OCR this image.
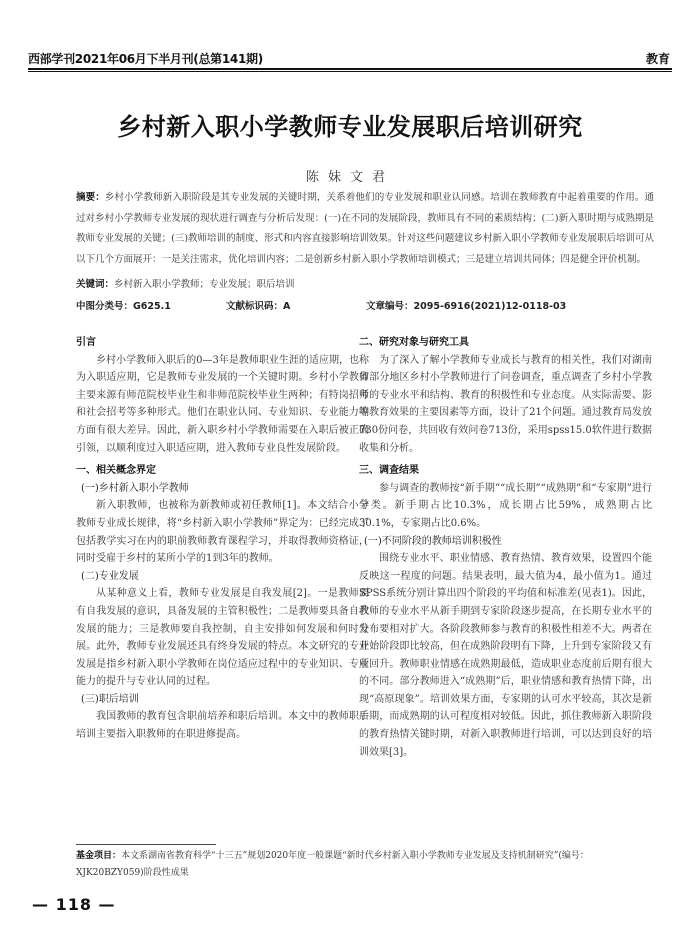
西部学刊2021年06月下半月刊(总第141期)	教育
乡村新入职小学教师专业发展职后培训研究
陈妹文君
摘要：乡村小学教师新入职阶段是其专业发展的关键时期，关系着他们的专业发展和职业认同感。培训在教师教育中起着重要的作用。通过对乡村小学教师专业发展的现状进行调查与分析后发现：(一)在不同的发展阶段，教师具有不同的素质结构；(二)新入职时期与成熟期是教师专业发展的关键；(三)教师培训的制度、形式和内容直接影响培训效果。针对这些问题建议乡村新入职小学教师专业发展职后培训可从以下几个方面展开：一是关注需求，优化培训内容；二是创新乡村新入职小学教师培训模式；三是建立培训共同体；四是健全评价机制。
关键词：乡村新入职小学教师；专业发展；职后培训
中图分类号：G625.1	文献标识码：A	文章编号：2095-6916(2021)12-0118-03

引言

乡村小学教师入职后的0—3年是教师职业生涯的适应期，也称为入职适应期，它是教师专业发展的一个关键时期。乡村小学教师主要来源有师范院校毕业生和非师范院校毕业生两种；有特岗招考和社会招考等多种形式。他们在职业认同、专业知识、专业能力等方面有很大差异。因此，新入职乡村小学教师需要在入职后被正确引领，以顺利度过入职适应期，进入教师专业良性发展阶段。

一、相关概念界定

(一)乡村新入职小学教师

新入职教师，也被称为新教师或初任教师[1]。本文结合小学教师专业成长规律，将“乡村新入职小学教师”界定为：已经完成了包括教学实习在内的职前教师教育课程学习，并取得教师资格证，同时受雇于乡村的某所小学的1到3年的教师。

(二)专业发展

从某种意义上看，教师专业发展是自我发展[2]。一是教师要有自我发展的意识，具备发展的主管积极性；二是教师要具备自我发展的能力；三是教师要自我控制，自主安排如何发展和何时发展。此外，教师专业发展还具有终身发展的特点。本文研究的专业发展是指乡村新入职小学教师在岗位适应过程中的专业知识、专业能力的提升与专业认同的过程。

(三)职后培训

我国教师的教育包含职前培养和职后培训。本文中的教师职后培训主要指入职教师的在职进修提高。

二、研究对象与研究工具

为了深入了解小学教师专业成长与教育的相关性，我们对湖南省部分地区乡村小学教师进行了问卷调查，重点调查了乡村小学教师的专业水平和结构、教育的积极性和专业态度。从实际需要、影响教育效果的主要因素等方面，设计了21个问题。通过教育局发放730份问卷，共回收有效问卷713份，采用spss15.0软件进行数据收集和分析。

三、调查结果

参与调查的教师按“新手期”“成长期”“成熟期”和“专家期”进行分类。新手期占比10.3%，成长期占比59%，成熟期占比30.1%，专家期占比0.6%。

(一)不同阶段的教师培训积极性

围绕专业水平、职业情感、教育热情、教育效果，设置四个能反映这一程度的问题。结果表明，最大值为4，最小值为1。通过SPSS系统分别计算出四个阶段的平均值和标准差(见表1)。因此，教师的专业水平从新手期到专家阶段逐步提高，在长期专业水平的分布要相对扩大。各阶段教师参与教育的积极性相差不大。两者在开始阶段即比较高，但在成熟阶段明有下降，上升到专家阶段又有所回升。教师职业情感在成熟期最低，造成职业态度前后期有很大的不同。部分教师进入“成熟期”后，职业情感和教育热情下降，出现“高原现象”。培训效果方面，专家期的认可水平较高，其次是新手期，而成熟期的认可程度相对较低。因此，抓住教师新入职阶段的教育热情关键时期，对新入职教师进行培训，可以达到良好的培训效果[3]。

基金项目：本文系湖南省教育科学“十三五”规划2020年度一般课题“新时代乡村新入职小学教师专业发展及支持机制研究”(编号：XJK20BZY059)阶段性成果
— 118 —
